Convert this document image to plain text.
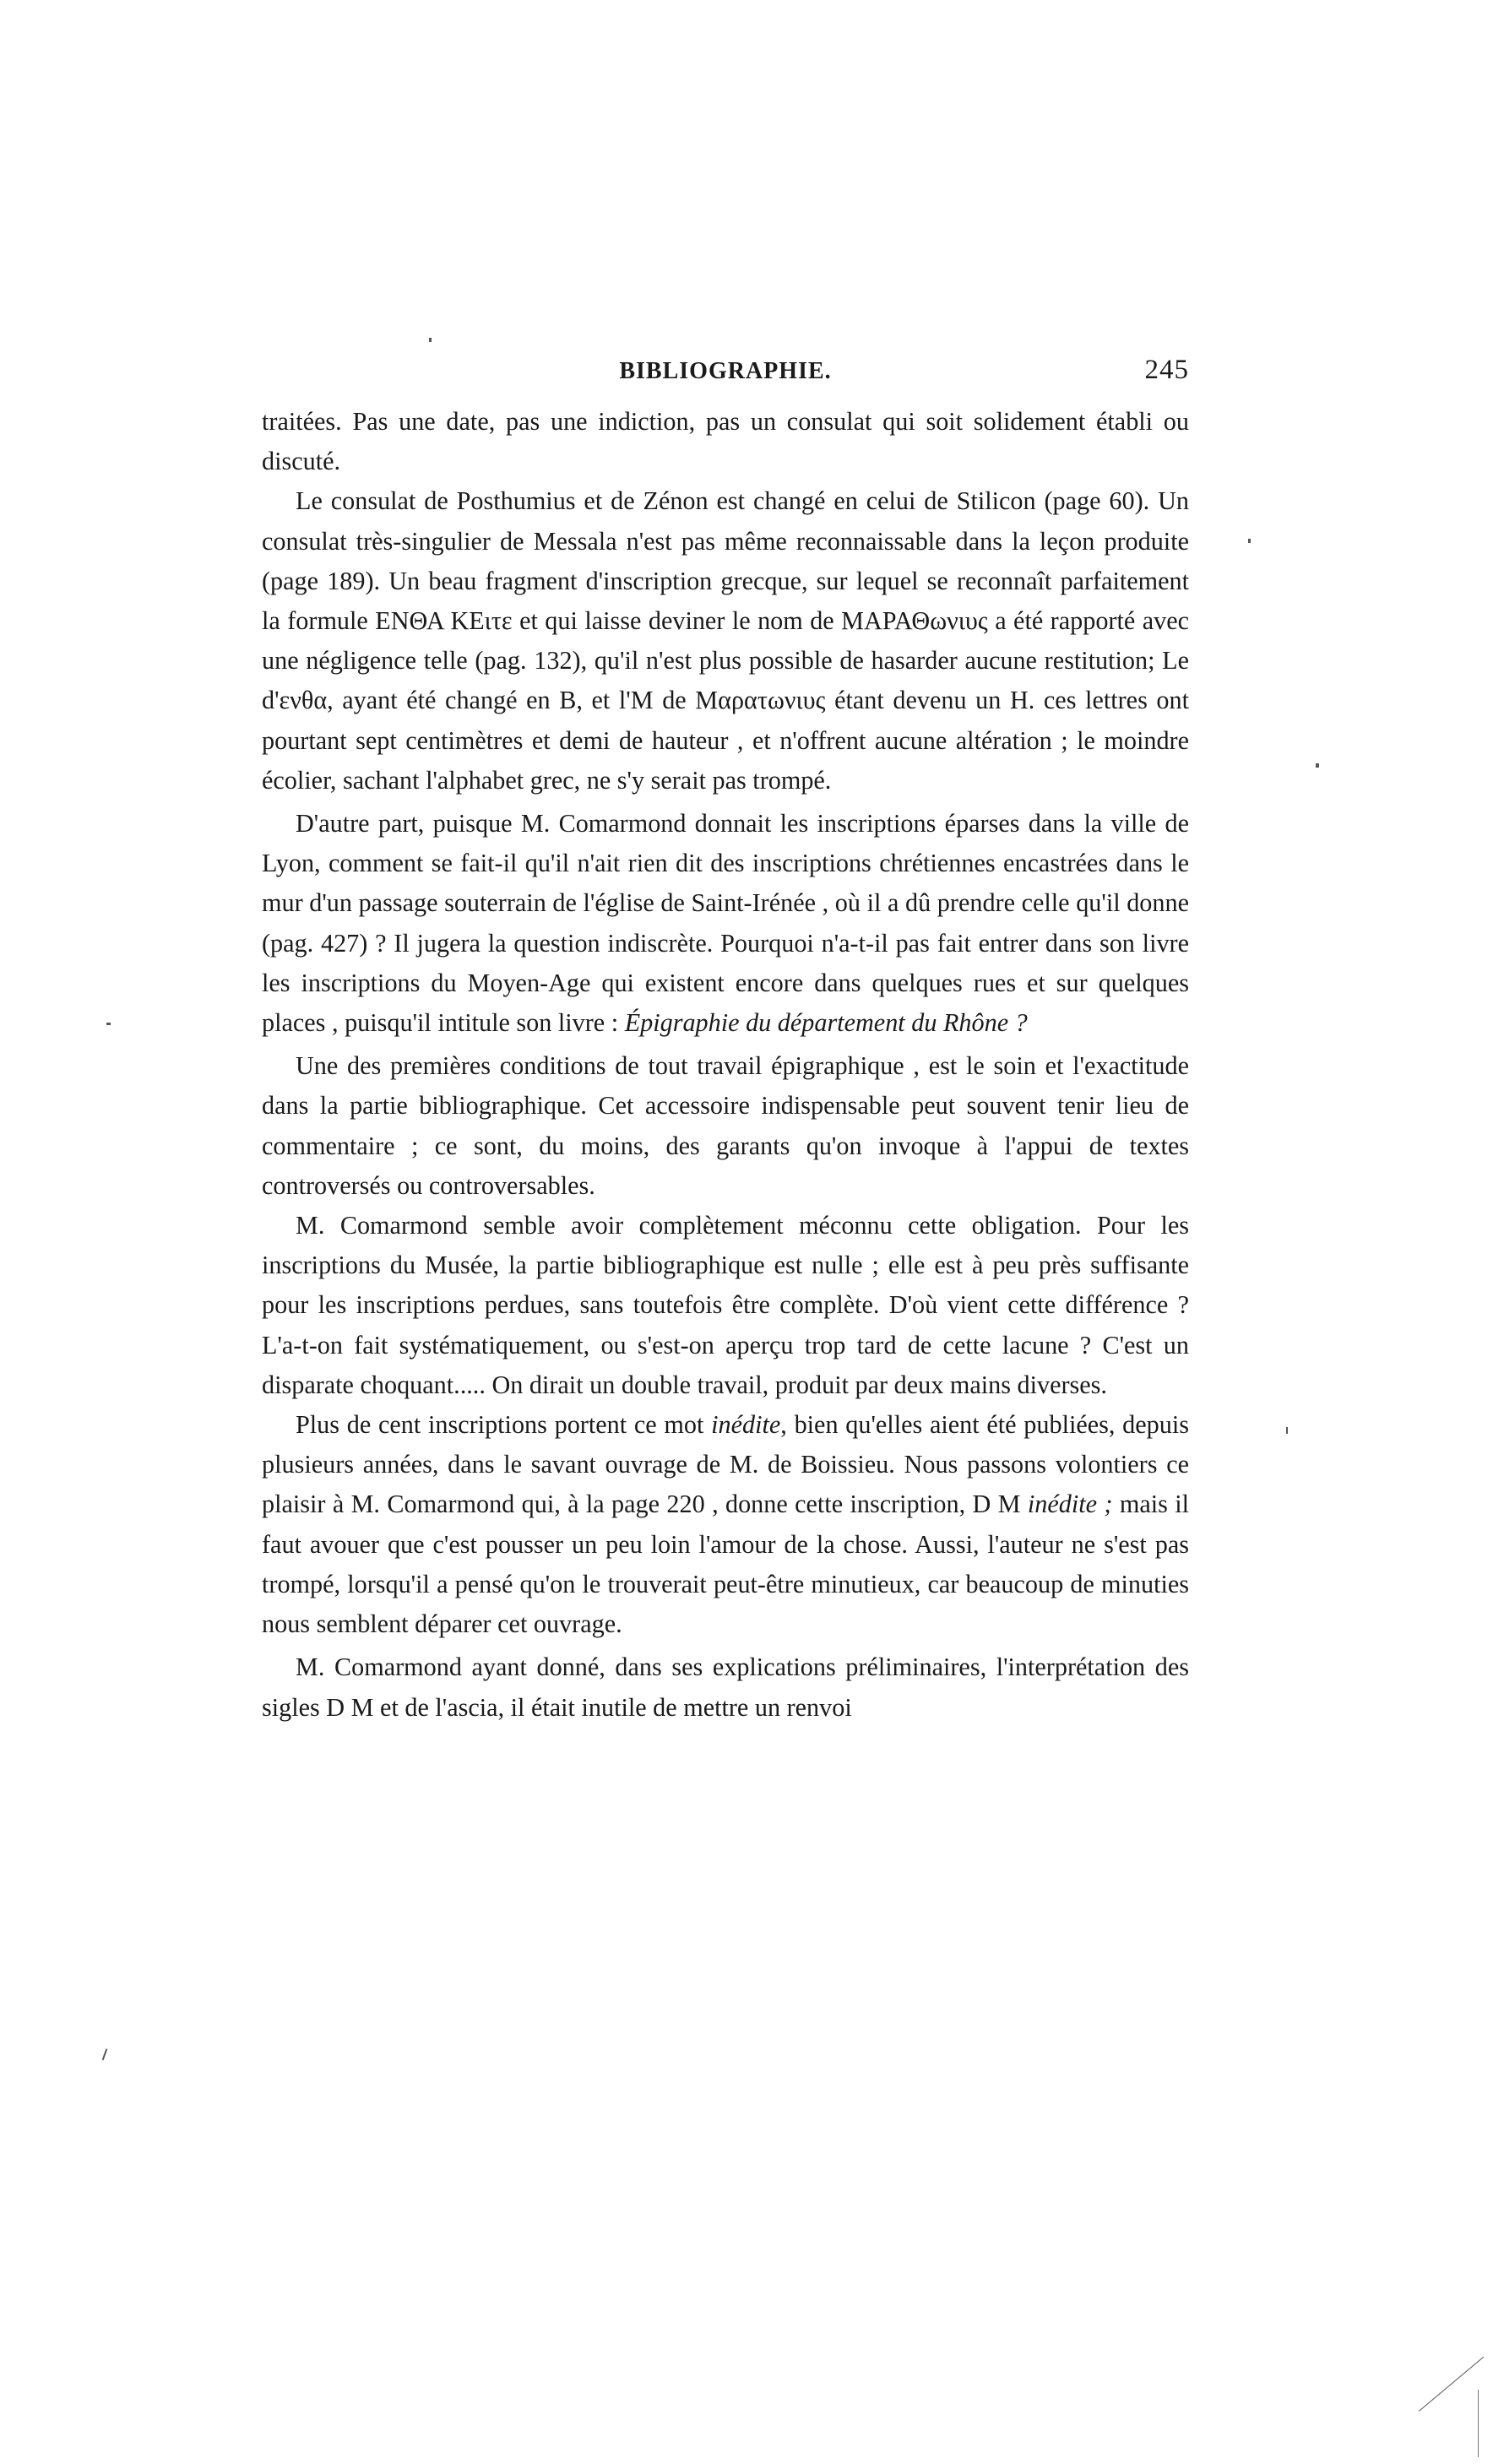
BIBLIOGRAPHIE.	245

traitées. Pas une date, pas une indiction, pas un consulat qui soit solidement établi ou discuté.

Le consulat de Posthumius et de Zénon est changé en celui de Stilicon (page 60). Un consulat très-singulier de Messala n'est pas même reconnaissable dans la leçon produite (page 189). Un beau fragment d'inscription grecque, sur lequel se reconnaît parfaitement la formule ΕΝΘΑ ΚΕιτε et qui laisse deviner le nom de ΜΑΡΑΘωνιυς a été rapporté avec une négligence telle (pag. 132), qu'il n'est plus possible de hasarder aucune restitution; Le d'ενθα, ayant été changé en B, et l'M de Μαρατωνιυς étant devenu un H. ces lettres ont pourtant sept centimètres et demi de hauteur , et n'offrent aucune altération ; le moindre écolier, sachant l'alphabet grec, ne s'y serait pas trompé.

D'autre part, puisque M. Comarmond donnait les inscriptions éparses dans la ville de Lyon, comment se fait-il qu'il n'ait rien dit des inscriptions chrétiennes encastrées dans le mur d'un passage souterrain de l'église de Saint-Irénée , où il a dû prendre celle qu'il donne (pag. 427) ? Il jugera la question indiscrète. Pourquoi n'a-t-il pas fait entrer dans son livre les inscriptions du Moyen-Age qui existent encore dans quelques rues et sur quelques places , puisqu'il intitule son livre : Épigraphie du département du Rhône ?

Une des premières conditions de tout travail épigraphique , est le soin et l'exactitude dans la partie bibliographique. Cet accessoire indispensable peut souvent tenir lieu de commentaire ; ce sont, du moins, des garants qu'on invoque à l'appui de textes controversés ou controversables.

M. Comarmond semble avoir complètement méconnu cette obligation. Pour les inscriptions du Musée, la partie bibliographique est nulle ; elle est à peu près suffisante pour les inscriptions perdues, sans toutefois être complète. D'où vient cette différence ? L'a-t-on fait systématiquement, ou s'est-on aperçu trop tard de cette lacune ? C'est un disparate choquant..... On dirait un double travail, produit par deux mains diverses.

Plus de cent inscriptions portent ce mot inédite, bien qu'elles aient été publiées, depuis plusieurs années, dans le savant ouvrage de M. de Boissieu. Nous passons volontiers ce plaisir à M. Comarmond qui, à la page 220 , donne cette inscription, D M inédite ; mais il faut avouer que c'est pousser un peu loin l'amour de la chose. Aussi, l'auteur ne s'est pas trompé, lorsqu'il a pensé qu'on le trouverait peut-être minutieux, car beaucoup de minuties nous semblent déparer cet ouvrage.

M. Comarmond ayant donné, dans ses explications préliminaires, l'interprétation des sigles D M et de l'ascia, il était inutile de mettre un renvoi
